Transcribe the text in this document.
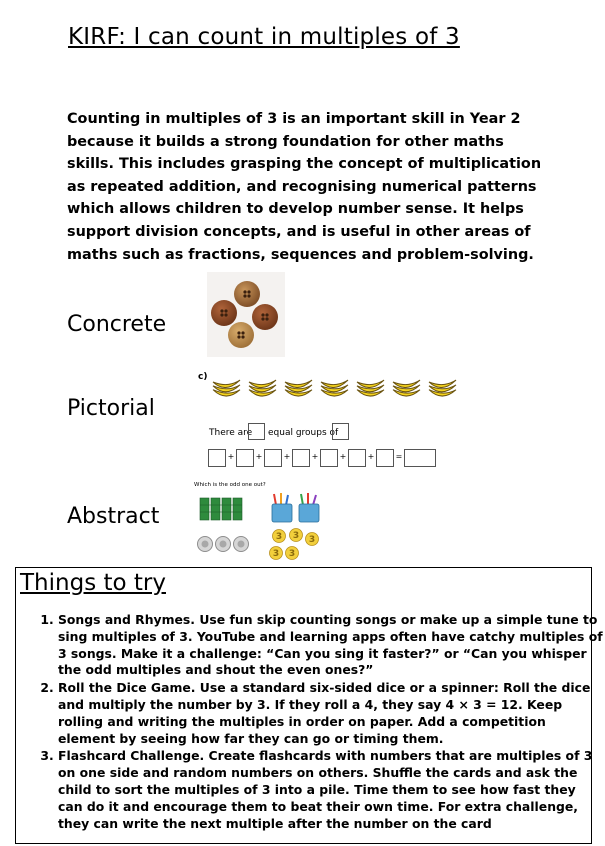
KIRF: I can count in multiples of 3
Counting in multiples of 3 is an important skill in Year 2 because it builds a strong foundation for other maths skills. This includes grasping the concept of multiplication as repeated addition, and recognising numerical patterns which allows children to develop number sense. It helps support division concepts, and is useful in other areas of maths such as fractions, sequences and problem-solving.
Concrete
Pictorial
c)
There are equal groups of
+	+	+	+	+	+	=
Abstract
Which is the odd one out?
3 3 3
3 3
Things to try
1. Songs and Rhymes. Use fun skip counting songs or make up a simple tune to sing multiples of 3. YouTube and learning apps often have catchy multiples of 3 songs. Make it a challenge: “Can you sing it faster?” or “Can you whisper the odd multiples and shout the even ones?”
2. Roll the Dice Game. Use a standard six-sided dice or a spinner: Roll the dice and multiply the number by 3. If they roll a 4, they say 4 × 3 = 12. Keep rolling and writing the multiples in order on paper. Add a competition element by seeing how far they can go or timing them.
3. Flashcard Challenge. Create flashcards with numbers that are multiples of 3 on one side and random numbers on others. Shuffle the cards and ask the child to sort the multiples of 3 into a pile. Time them to see how fast they can do it and encourage them to beat their own time. For extra challenge, they can write the next multiple after the number on the card
